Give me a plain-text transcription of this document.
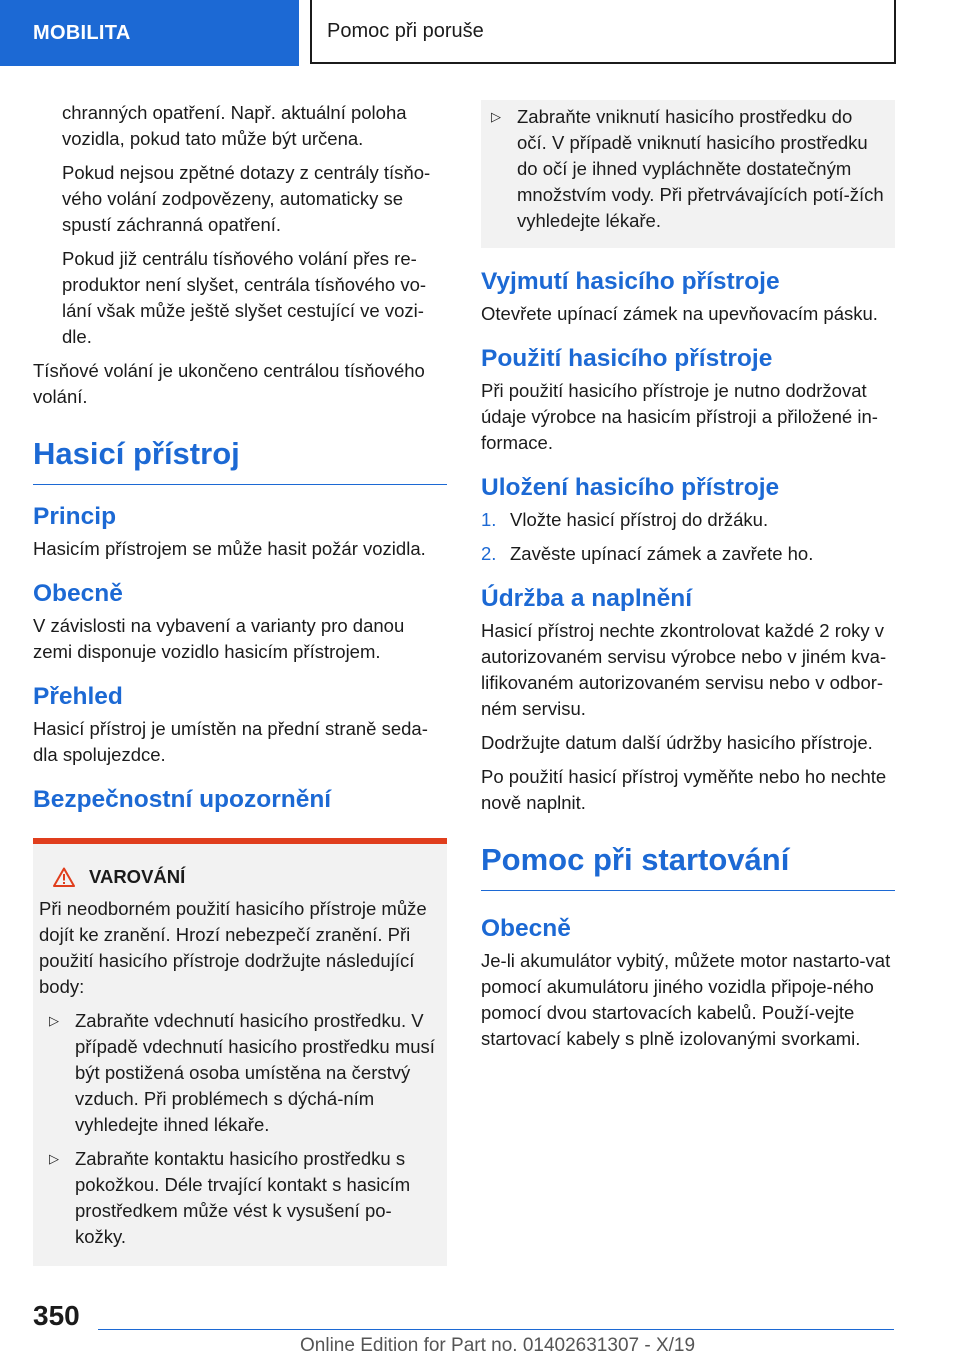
MOBILITA	Pomoc při poruše

chranných opatření. Např. aktuální poloha vozidla, pokud tato může být určena.

Pokud nejsou zpětné dotazy z centrály tísňo‐vého volání zodpovězeny, automaticky se spustí záchranná opatření.

Pokud již centrálu tísňového volání přes re‐produktor není slyšet, centrála tísňového vo‐lání však může ještě slyšet cestující ve vozi‐dle.

Tísňové volání je ukončeno centrálou tísňového volání.

Hasicí přístroj
Princip

Hasicím přístrojem se může hasit požár vozidla.

Obecně

V závislosti na vybavení a varianty pro danou zemi disponuje vozidlo hasicím přístrojem.

Přehled

Hasicí přístroj je umístěn na přední straně seda‐dla spolujezdce.

Bezpečnostní upozornění
VAROVÁNÍ

Při neodborném použití hasicího přístroje může dojít ke zranění. Hrozí nebezpečí zranění. Při použití hasicího přístroje dodržujte následující body:

▷ Zabraňte vdechnutí hasicího prostředku. V případě vdechnutí hasicího prostředku musí být postižená osoba umístěna na čerstvý vzduch. Při problémech s dýchá‐ním vyhledejte ihned lékaře.
▷ Zabraňte kontaktu hasicího prostředku s pokožkou. Déle trvající kontakt s hasicím prostředkem může vést k vysušení po‐kožky.
▷ Zabraňte vniknutí hasicího prostředku do očí. V případě vniknutí hasicího prostředku do očí je ihned vypláchněte dostatečným množstvím vody. Při přetrvávajících potí‐žích vyhledejte lékaře.
Vyjmutí hasicího přístroje

Otevřete upínací zámek na upevňovacím pásku.

Použití hasicího přístroje

Při použití hasicího přístroje je nutno dodržovat údaje výrobce na hasicím přístroji a přiložené in‐formace.

Uložení hasicího přístroje
1. Vložte hasicí přístroj do držáku.
2. Zavěste upínací zámek a zavřete ho.
Údržba a naplnění

Hasicí přístroj nechte zkontrolovat každé 2 roky v autorizovaném servisu výrobce nebo v jiném kva‐lifikovaném autorizovaném servisu nebo v odbor‐ném servisu.

Dodržujte datum další údržby hasicího přístroje.

Po použití hasicí přístroj vyměňte nebo ho nechte nově naplnit.

Pomoc při startování
Obecně

Je-li akumulátor vybitý, můžete motor nastarto‐vat pomocí akumulátoru jiného vozidla připoje‐ného pomocí dvou startovacích kabelů. Použí‐vejte startovací kabely s plně izolovanými svorkami.

350
Online Edition for Part no. 01402631307 - X/19
